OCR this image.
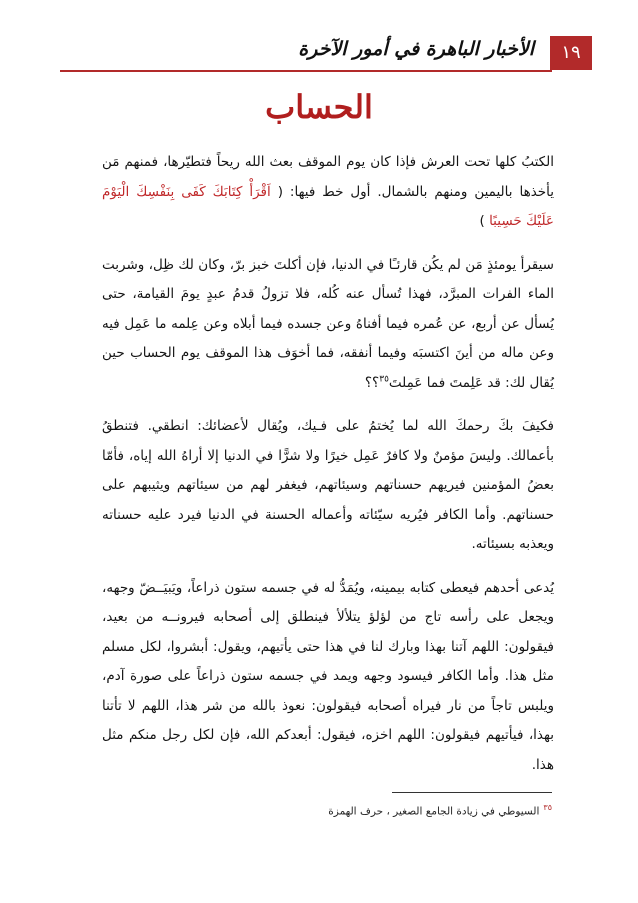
١٩
الأخبار الباهرة في أمور الآخرة
الحساب

الكتبُ كلها تحت العرش فإذا كان يوم الموقف بعث الله ريحاً فتطيّرها، فمنهم مَن يأخذها باليمين ومنهم بالشمال. أول خط فيها: ( اَقْرَأْ كِتَابَكَ كَفَى بِنَفْسِكَ الْيَوْمَ عَلَيْكَ حَسِيبًا )

سيقرأ يومئذٍ مَن لم يكُن قارئـًا في الدنيا، فإن أكلتَ خبز برّ، وكان لك ظِل، وشربت الماء الفرات المبرَّد، فهذا تُسأل عنه كُله، فلا تزولُ قدمُ عبدٍ يومَ القيامة، حتى يُسأل عن أربع، عن عُمره فيما أفناهُ وعن جسده فيما أبلاه وعن عِلمه ما عَمِل فيه وعن ماله من أينَ اكتسبَه وفيما أنفقه، فما أخوَف هذا الموقف يوم الحساب حين يُقال لك: قد عَلِمتَ فما عَمِلتَ$^{٣٥}$؟؟

فكيفَ بكَ رحمكَ الله لما يُختمُ على فـيك، ويُقال لأعضائك: انطقي. فتنطقُ بأعمالك. وليسَ مؤمنٌ ولا كافرٌ عَمِل خيرًا ولا شرًّا في الدنيا إلا أراهُ الله إياه، فأمّا بعضُ المؤمنين فيريهم حسناتهم وسيئاتهم، فيغفر لهم من سيئاتهم ويثيبهم على حسناتهم. وأما الكافر فيُريه سيّئاته وأعماله الحسنة في الدنيا فيرد عليه حسناته ويعذبه بسيئاته.

يُدعى أحدهم فيعطى كتابه بيمينه، ويُمَدُّ له في جسمه ستون ذراعاً، ويَبيَــضّ وجهه، ويجعل على رأسه تاج من لؤلؤ يتلألأ فينطلق إلى أصحابه فيرونــه من بعيد، فيقولون: اللهم آتنا بهذا وبارك لنا في هذا حتى يأتيهم، ويقول: أبشروا، لكل مسلم مثل هذا. وأما الكافر فيسود وجهه ويمد في جسمه ستون ذراعاً على صورة آدم، ويلبس تاجاً من نار فيراه أصحابه فيقولون: نعوذ بالله من شر هذا، اللهم لا تأتنا بهذا، فيأتيهم فيقولون: اللهم اخزه، فيقول: أبعدكم الله، فإن لكل رجل منكم مثل هذا.

$^{٣٥}$السيوطي في زيادة الجامع الصغير ، حرف الهمزة
